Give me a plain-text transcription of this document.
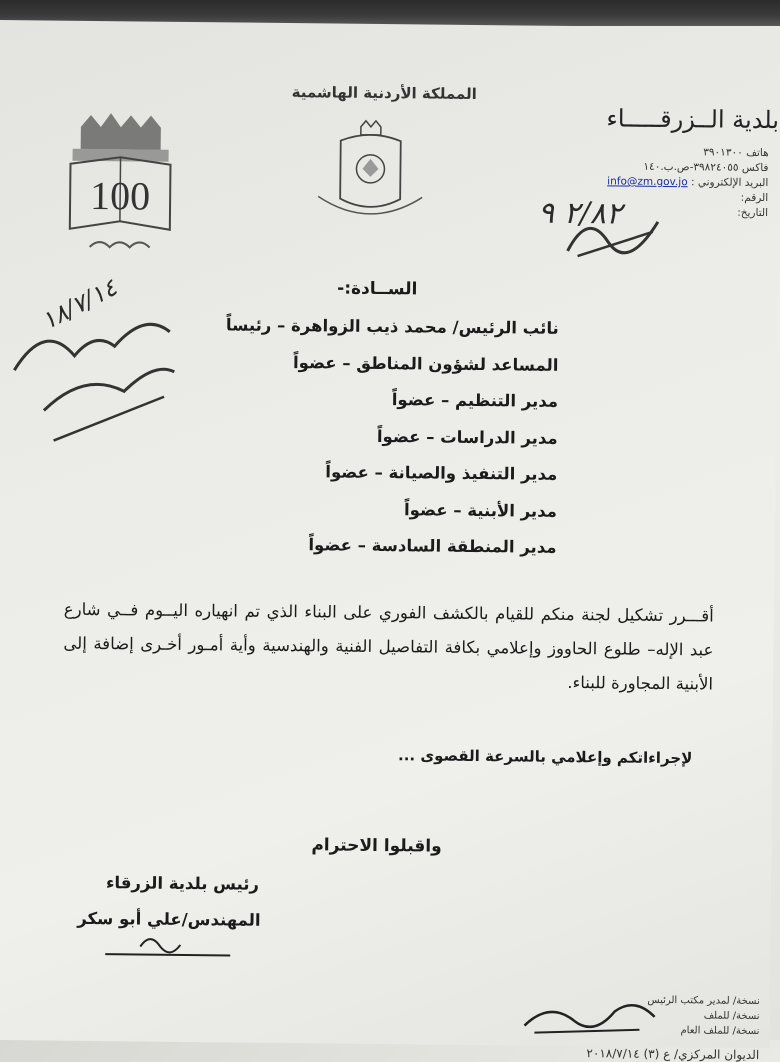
100
المملكة الأردنية الهاشمية
بلدية الــزرقـــــاء
هاتف ٣٩٠١٣٠٠
فاكس ٣٩٨٢٤٠٥٥-ص.ب.١٤٠
البريد الإلكتروني : info@zm.gov.jo
الرقم:
التاريخ:
٢/٨٢ ٩
١٨/٧/١٤	الســادة:-
نائب الرئيس/ محمد ذيب الزواهرة – رئيساً
المساعد لشؤون المناطق – عضواً
مدير التنظيم – عضواً
مدير الدراسات – عضواً
مدير التنفيذ والصيانة – عضواً
مدير الأبنية – عضواً
مدير المنطقة السادسة – عضواً
أقـــرر تشكيل لجنة منكم للقيام بالكشف الفوري على البناء الذي تم انهياره اليــوم فــي شارع عبد الإله– طلوع الحاووز وإعلامي بكافة التفاصيل الفنية والهندسية وأية أمـور أخـرى إضافة إلى الأبنية المجاورة للبناء.
لإجراءاتكم وإعلامي بالسرعة القصوى ...
واقبلوا الاحترام
رئيس بلدية الزرقاء
المهندس/علي أبو سكر
نسخة/ لمدير مكتب الرئيس
نسخة/ للملف
نسخة/ للملف العام
الديوان المركزي/ ع (٣) ٢٠١٨/٧/١٤
